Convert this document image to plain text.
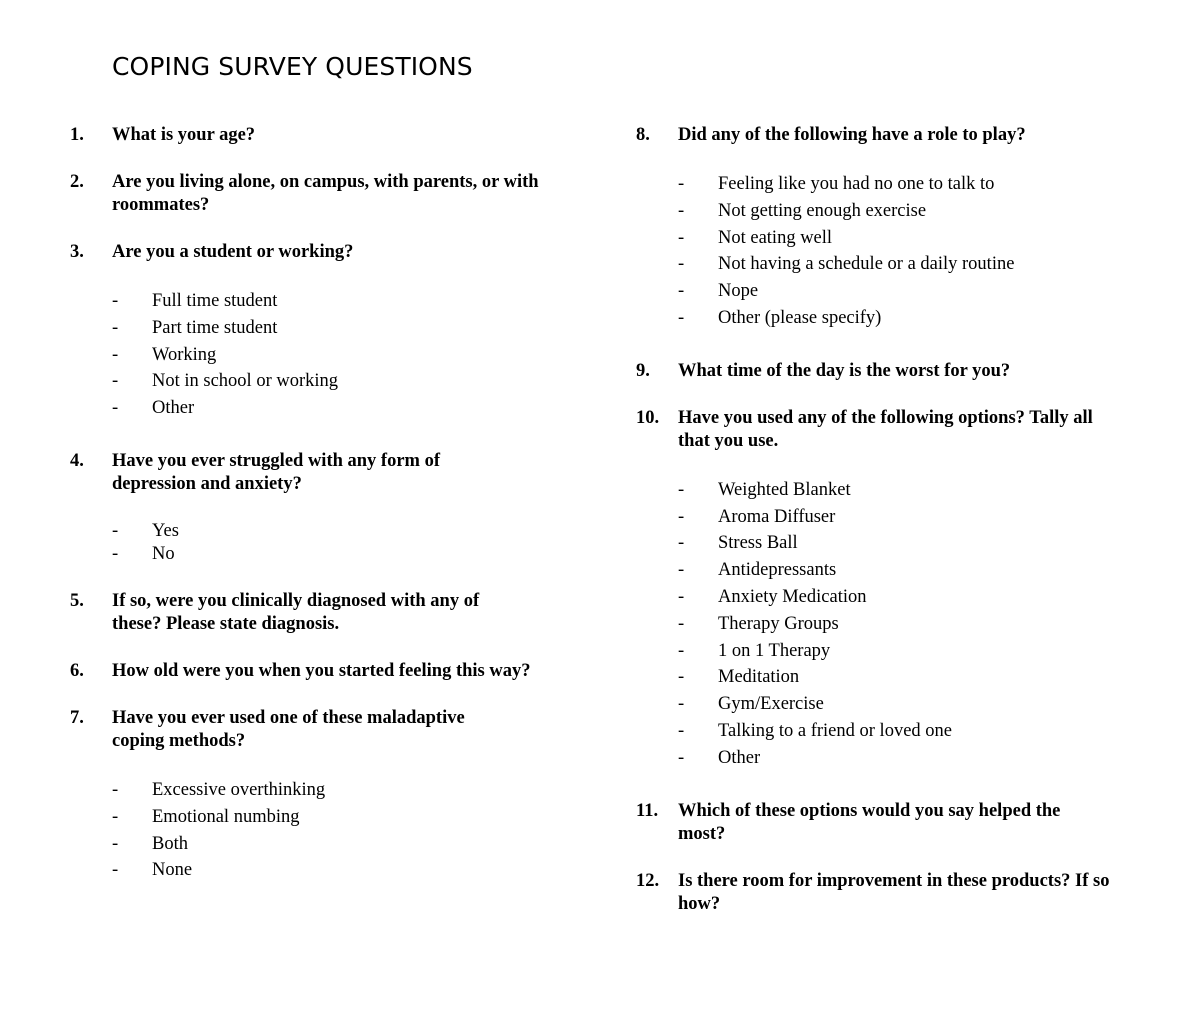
COPING SURVEY QUESTIONS
1. What is your age?
2. Are you living alone, on campus, with parents, or with roommates?
3. Are you a student or working?
- Full time student
- Part time student
- Working
- Not in school or working
- Other
4. Have you ever struggled with any form of depression and anxiety?
- Yes
- No
5. If so, were you clinically diagnosed with any of these? Please state diagnosis.
6. How old were you when you started feeling this way?
7. Have you ever used one of these maladaptive coping methods?
- Excessive overthinking
- Emotional numbing
- Both
- None
8. Did any of the following have a role to play?
- Feeling like you had no one to talk to
- Not getting enough exercise
- Not eating well
- Not having a schedule or a daily routine
- Nope
- Other (please specify)
9. What time of the day is the worst for you?
10. Have you used any of the following options? Tally all that you use.
- Weighted Blanket
- Aroma Diffuser
- Stress Ball
- Antidepressants
- Anxiety Medication
- Therapy Groups
- 1 on 1 Therapy
- Meditation
- Gym/Exercise
- Talking to a friend or loved one
- Other
11. Which of these options would you say helped the most?
12. Is there room for improvement in these products? If so how?
